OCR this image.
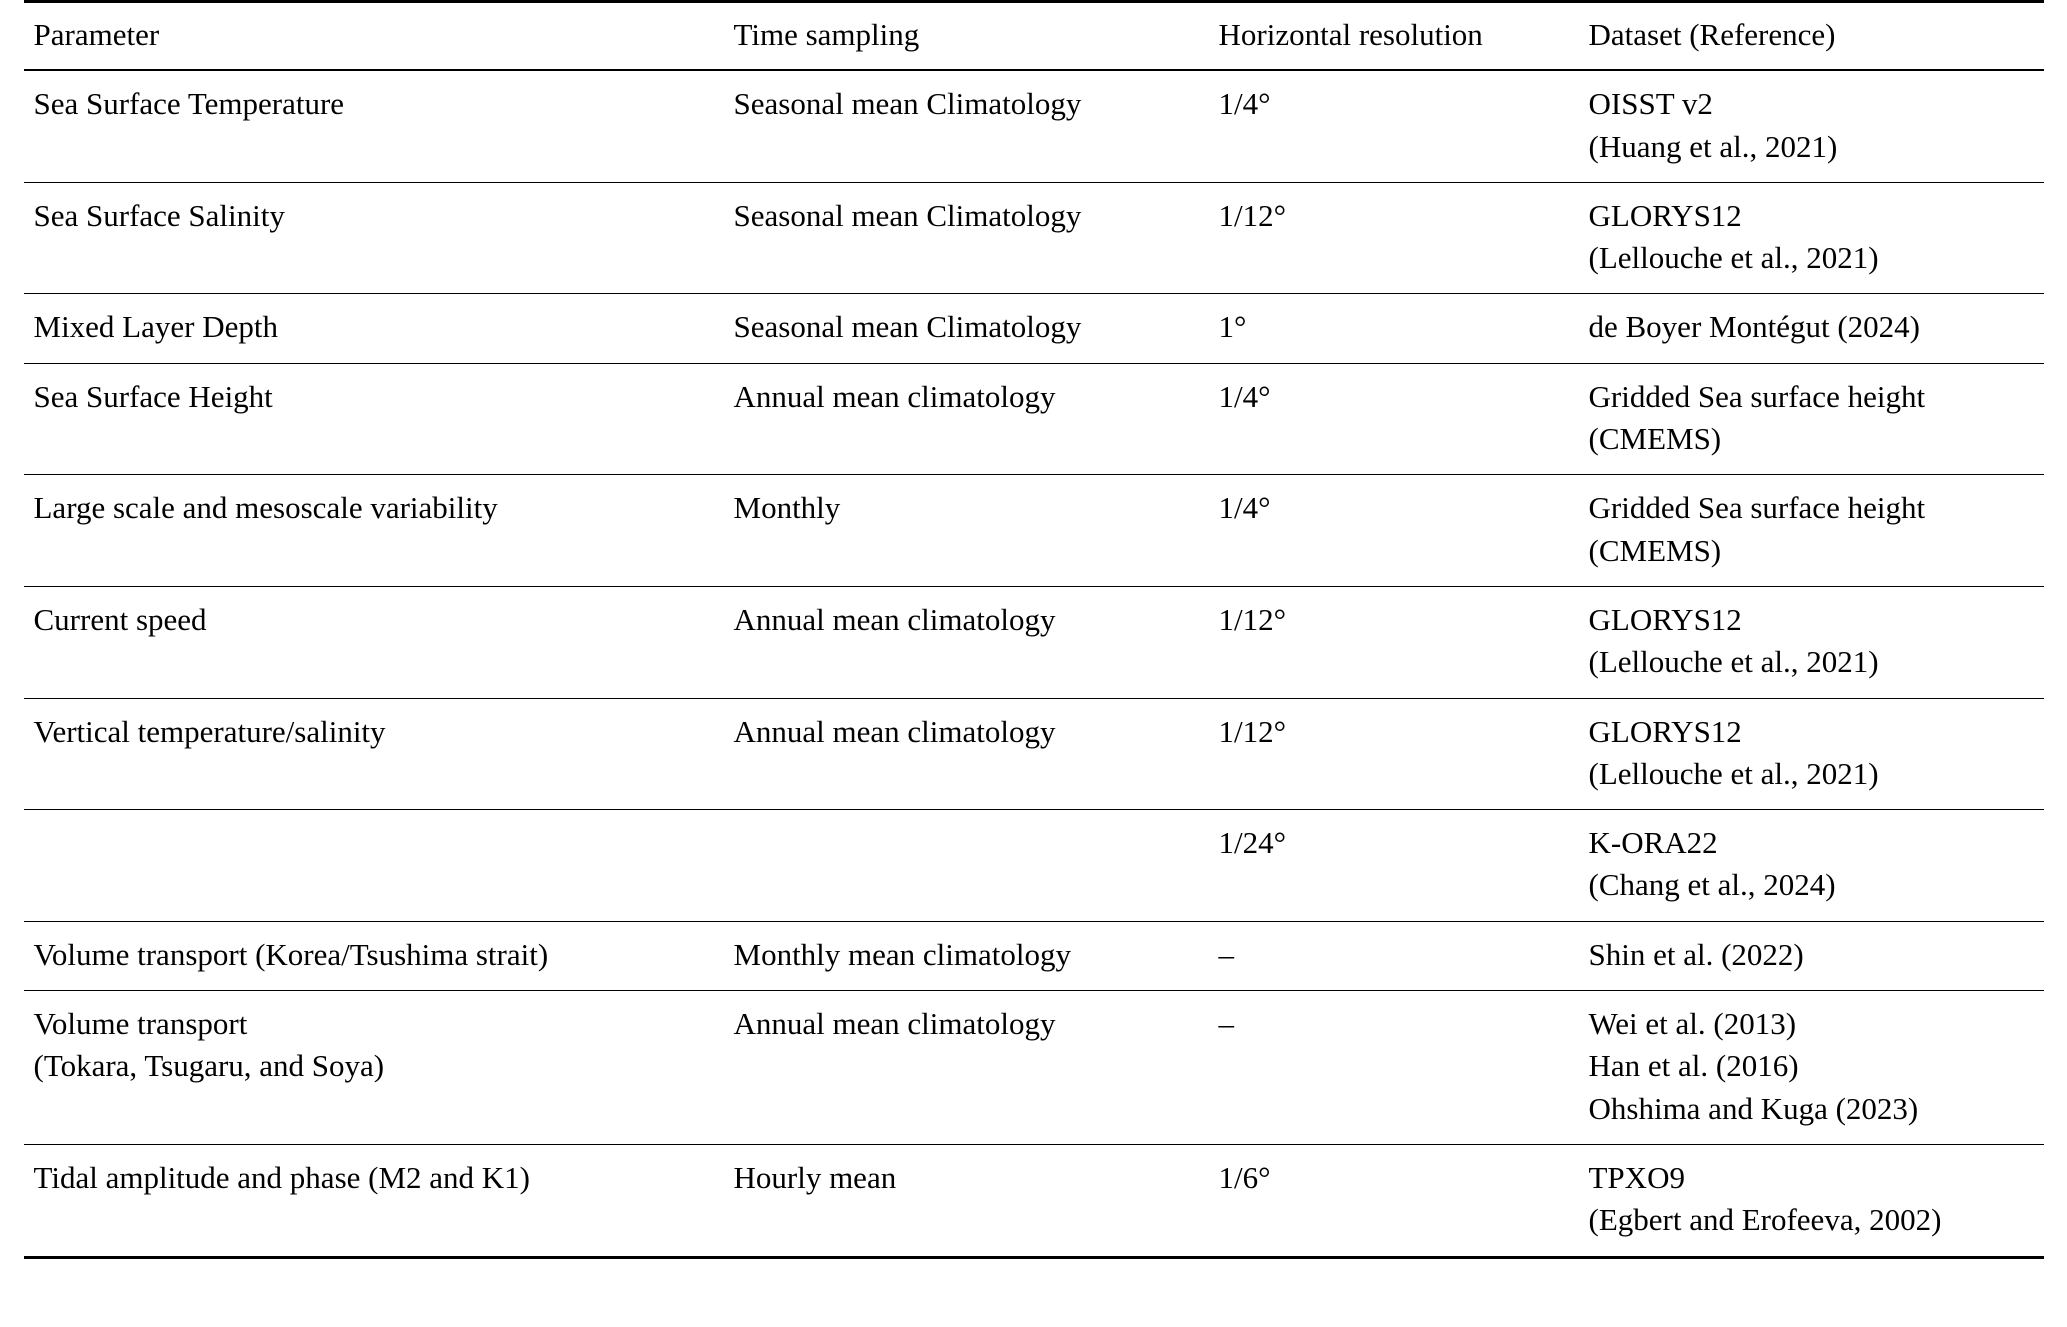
Parameter	Time sampling	Horizontal resolution	Dataset (Reference)

Sea Surface Temperature	Seasonal mean Climatology	1/4°	OISST v2
(Huang et al., 2021)

Sea Surface Salinity	Seasonal mean Climatology	1/12°	GLORYS12
(Lellouche et al., 2021)

Mixed Layer Depth	Seasonal mean Climatology	1°	de Boyer Montégut (2024)

Sea Surface Height	Annual mean climatology	1/4°	Gridded Sea surface height
(CMEMS)

Large scale and mesoscale variability	Monthly	1/4°	Gridded Sea surface height
(CMEMS)

Current speed	Annual mean climatology	1/12°	GLORYS12
(Lellouche et al., 2021)

Vertical temperature/salinity	Annual mean climatology	1/12°	GLORYS12
(Lellouche et al., 2021)

		1/24°	K-ORA22
(Chang et al., 2024)

Volume transport (Korea/Tsushima strait)	Monthly mean climatology	–	Shin et al. (2022)

Volume transport
(Tokara, Tsugaru, and Soya)	Annual mean climatology	–	Wei et al. (2013)
Han et al. (2016)
Ohshima and Kuga (2023)

Tidal amplitude and phase (M2 and K1)	Hourly mean	1/6°	TPXO9
(Egbert and Erofeeva, 2002)
